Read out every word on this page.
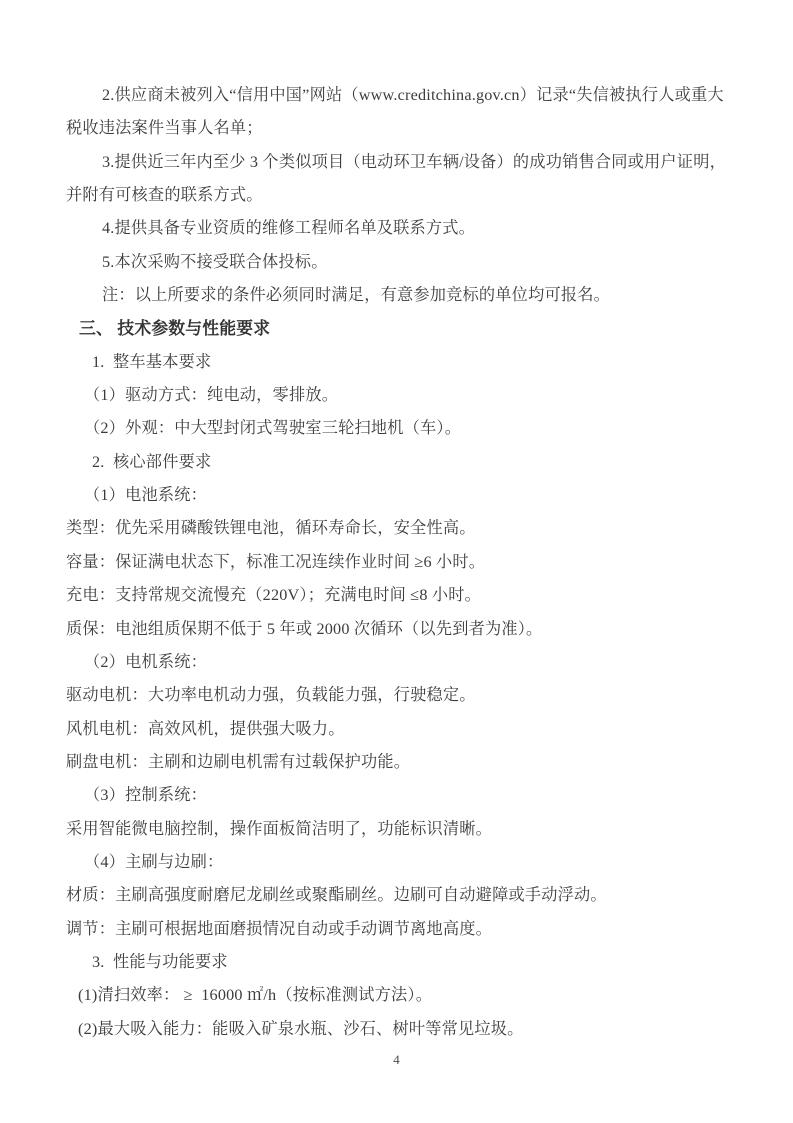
2.供应商未被列入“信用中国”网站（www.creditchina.gov.cn）记录“失信被执行人或重大
税收违法案件当事人名单；
3.提供近三年内至少 3 个类似项目（电动环卫车辆/设备）的成功销售合同或用户证明，
并附有可核查的联系方式。
4.提供具备专业资质的维修工程师名单及联系方式。
5.本次采购不接受联合体投标。
注：以上所要求的条件必须同时满足，有意参加竞标的单位均可报名。
三、 技术参数与性能要求
1.  整车基本要求
（1）驱动方式：纯电动，零排放。
（2）外观：中大型封闭式驾驶室三轮扫地机（车）。
2.  核心部件要求
（1）电池系统：
类型：优先采用磷酸铁锂电池，循环寿命长，安全性高。
容量：保证满电状态下，标准工况连续作业时间 ≥6 小时。
充电：支持常规交流慢充（220V）；充满电时间 ≤8 小时。
质保：电池组质保期不低于 5 年或 2000 次循环（以先到者为准）。
（2）电机系统：
驱动电机：大功率电机动力强，负载能力强，行驶稳定。
风机电机：高效风机，提供强大吸力。
刷盘电机：主刷和边刷电机需有过载保护功能。
（3）控制系统：
采用智能微电脑控制，操作面板简洁明了，功能标识清晰。
（4）主刷与边刷：
材质：主刷高强度耐磨尼龙刷丝或聚酯刷丝。边刷可自动避障或手动浮动。
调节：主刷可根据地面磨损情况自动或手动调节离地高度。
3.  性能与功能要求
(1)清扫效率： ≥  16000 ㎡/h（按标准测试方法）。
(2)最大吸入能力：能吸入矿泉水瓶、沙石、树叶等常见垃圾。
4
